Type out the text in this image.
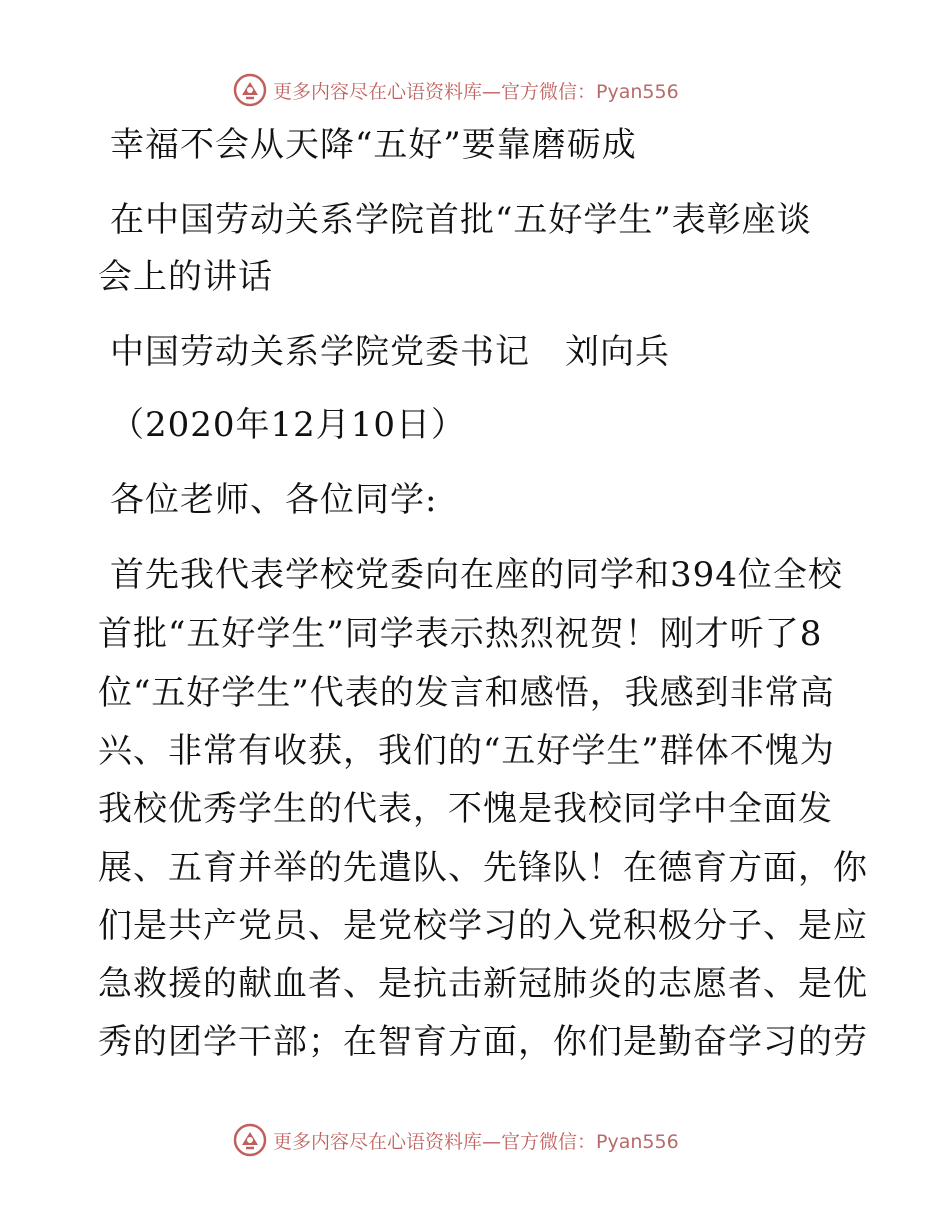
更多内容尽在心语资料库—官方微信：Pyan556
幸福不会从天降“五好”要靠磨砺成
在中国劳动关系学院首批“五好学生”表彰座谈
会上的讲话
中国劳动关系学院党委书记　刘向兵
（2020年12月10日）
各位老师、各位同学:
首先我代表学校党委向在座的同学和394位全校
首批“五好学生”同学表示热烈祝贺！刚才听了8
位“五好学生”代表的发言和感悟，我感到非常高
兴、非常有收获，我们的“五好学生”群体不愧为
我校优秀学生的代表，不愧是我校同学中全面发
展、五育并举的先遣队、先锋队！在德育方面，你
们是共产党员、是党校学习的入党积极分子、是应
急救援的献血者、是抗击新冠肺炎的志愿者、是优
秀的团学干部；在智育方面，你们是勤奋学习的劳
更多内容尽在心语资料库—官方微信：Pyan556
